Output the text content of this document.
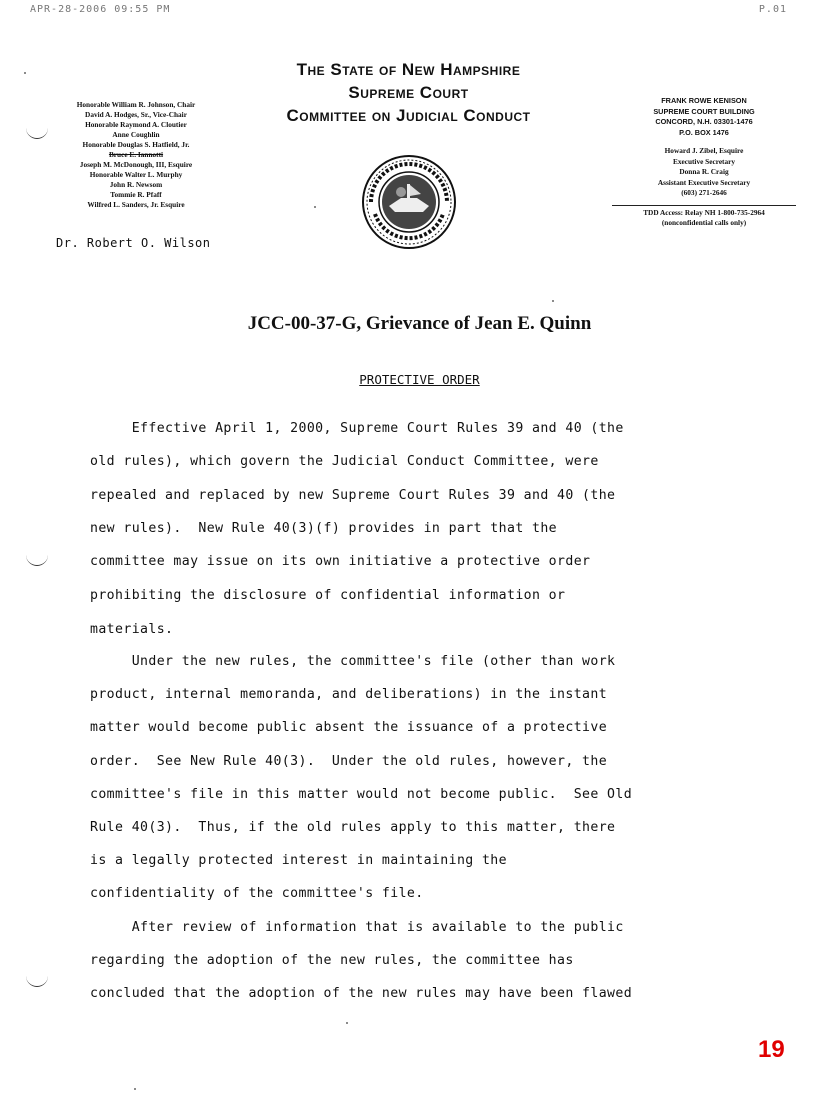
APR-28-2006 09:55 PM	P.01
The State of New Hampshire
Supreme Court
Committee on Judicial Conduct
Honorable William R. Johnson, Chair
David A. Hodges, Sr., Vice-Chair
Honorable Raymond A. Cloutier
Anne Coughlin
Honorable Douglas S. Hatfield, Jr.
Bruce E. Iannotti
Joseph M. McDonough, III, Esquire
Honorable Walter L. Murphy
John R. Newsom
Tommie R. Pfaff
Wilfred L. Sanders, Jr. Esquire
FRANK ROWE KENISON
SUPREME COURT BUILDING
CONCORD, N.H. 03301-1476
P.O. BOX 1476
Howard J. Zibel, Esquire
Executive Secretary
Donna R. Craig
Assistant Executive Secretary
(603) 271-2646
TDD Access: Relay NH 1-800-735-2964
(nonconfidential calls only)
Dr. Robert O. Wilson
JCC-00-37-G, Grievance of Jean E. Quinn
PROTECTIVE ORDER
Effective April 1, 2000, Supreme Court Rules 39 and 40 (the
old rules), which govern the Judicial Conduct Committee, were
repealed and replaced by new Supreme Court Rules 39 and 40 (the
new rules).  New Rule 40(3)(f) provides in part that the
committee may issue on its own initiative a protective order
prohibiting the disclosure of confidential information or
materials.
Under the new rules, the committee's file (other than work
product, internal memoranda, and deliberations) in the instant
matter would become public absent the issuance of a protective
order.  See New Rule 40(3).  Under the old rules, however, the
committee's file in this matter would not become public.  See Old
Rule 40(3).  Thus, if the old rules apply to this matter, there
is a legally protected interest in maintaining the
confidentiality of the committee's file.
After review of information that is available to the public
regarding the adoption of the new rules, the committee has
concluded that the adoption of the new rules may have been flawed
19
